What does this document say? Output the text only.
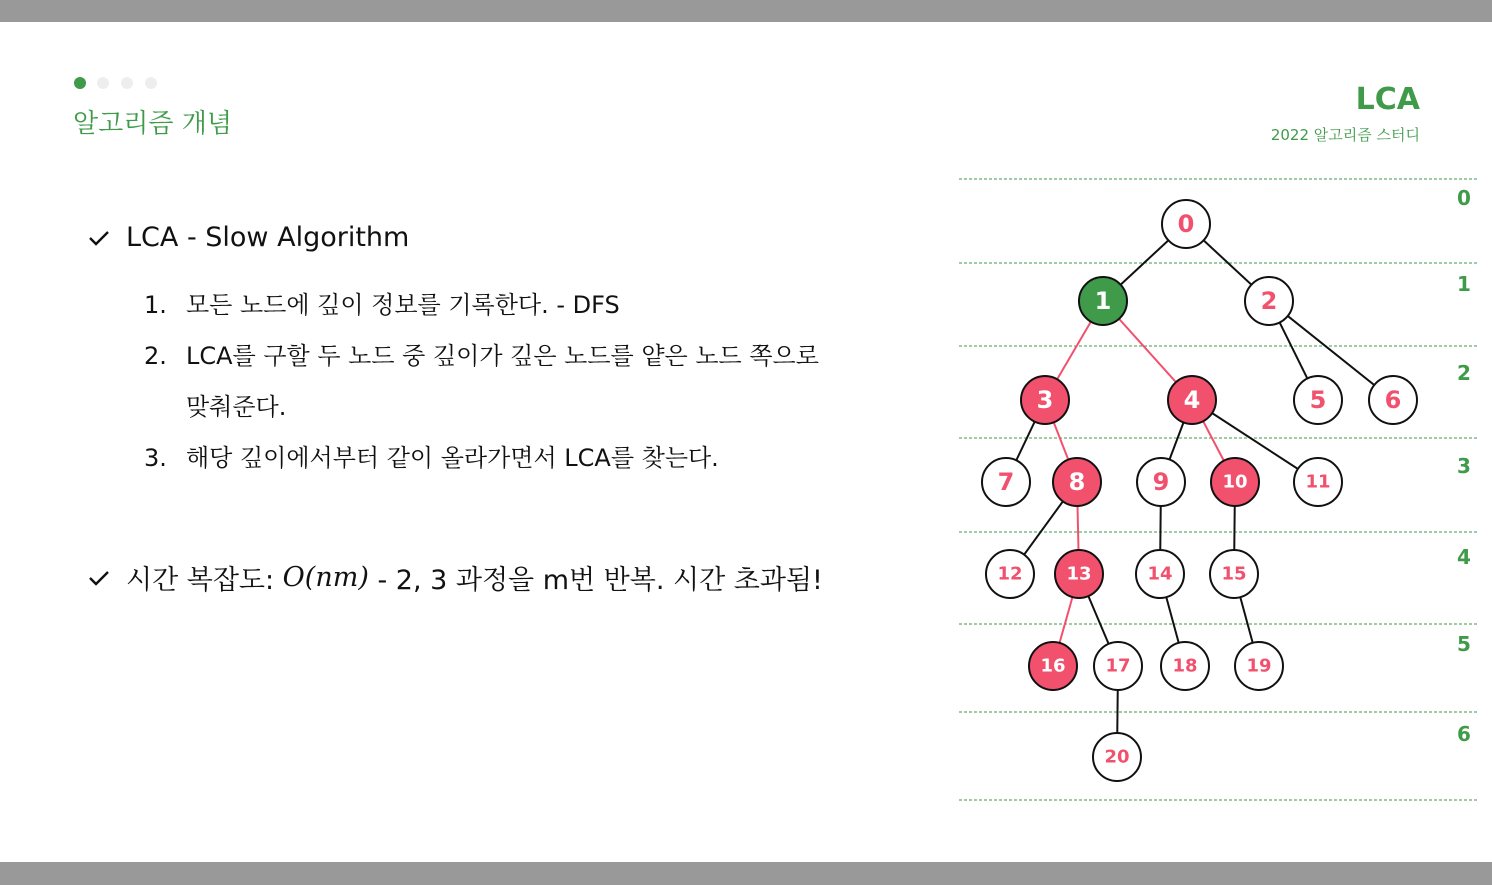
알고리즘 개념
LCA
2022 알고리즘 스터디
LCA - Slow Algorithm
1. 모든 노드에 깊이 정보를 기록한다. - DFS
2. LCA를 구할 두 노드 중 깊이가 깊은 노드를 얕은 노드 쪽으로
맞춰준다.
3. 해당 깊이에서부터 같이 올라가면서 LCA를 찾는다.
시간 복잡도: O(nm) - 2, 3 과정을 m번 반복. 시간 초과됨!
0
1
2
3
4
5
6
0
1	2
3	4	5 6
7 8	9	10	11
12 13	14	15
16 17 18	19
20
